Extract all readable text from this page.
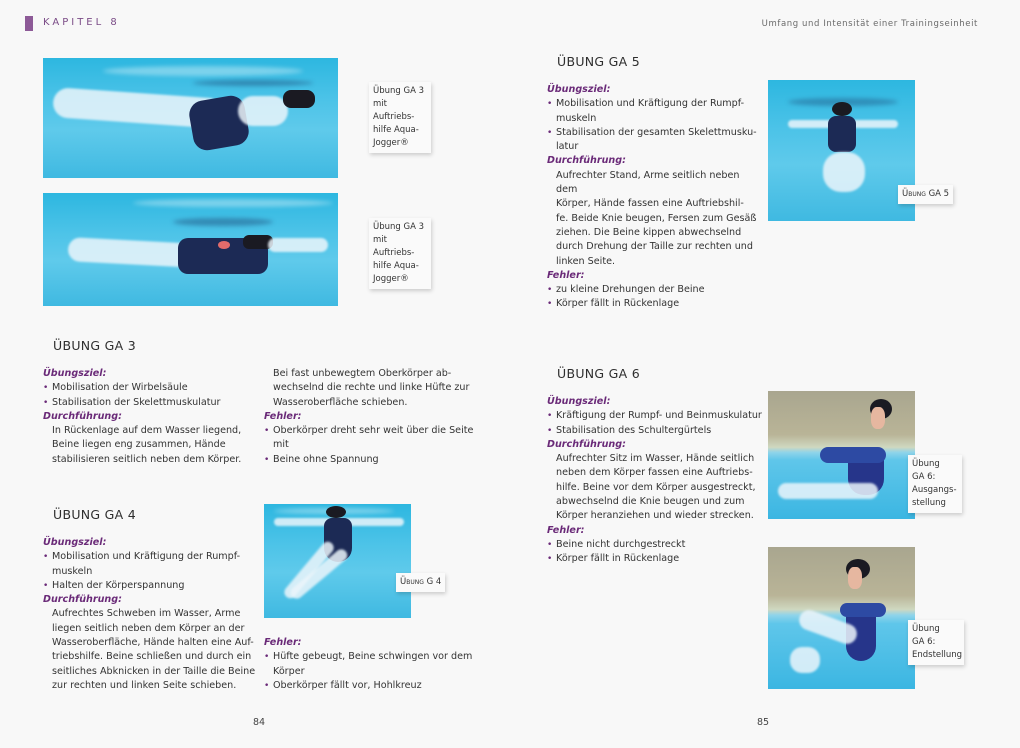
KAPITEL 8	Umfang und Intensität einer Trainingseinheit
Übung GA 3
mit Auftriebs-
hilfe Aqua-
Jogger®
Übung GA 3
mit Auftriebs-
hilfe Aqua-
Jogger®
ÜBUNG GA 3
Übungsziel:
• Mobilisation der Wirbelsäule
• Stabilisation der Skelettmuskulatur
Durchführung:
In Rückenlage auf dem Wasser liegend,
Beine liegen eng zusammen, Hände
stabilisieren seitlich neben dem Körper.
Bei fast unbewegtem Oberkörper ab-
wechselnd die rechte und linke Hüfte zur
Wasseroberfläche schieben.
Fehler:
• Oberkörper dreht sehr weit über die Seite
mit
• Beine ohne Spannung
ÜBUNG GA 4
Übungsziel:
• Mobilisation und Kräftigung der Rumpf-
muskeln
• Halten der Körperspannung
Durchführung:
Aufrechtes Schweben im Wasser, Arme
liegen seitlich neben dem Körper an der
Wasseroberfläche, Hände halten eine Auf-
triebshilfe. Beine schließen und durch ein
seitliches Abknicken in der Taille die Beine
zur rechten und linken Seite schieben.
Übung G 4
Fehler:
• Hüfte gebeugt, Beine schwingen vor dem
Körper
• Oberkörper fällt vor, Hohlkreuz
ÜBUNG GA 5
Übungsziel:
• Mobilisation und Kräftigung der Rumpf-
muskeln
• Stabilisation der gesamten Skelettmusku-
latur
Durchführung:
Aufrechter Stand, Arme seitlich neben dem
Körper, Hände fassen eine Auftriebshil-
fe. Beide Knie beugen, Fersen zum Gesäß
ziehen. Die Beine kippen abwechselnd
durch Drehung der Taille zur rechten und
linken Seite.
Fehler:
• zu kleine Drehungen der Beine
• Körper fällt in Rückenlage
Übung GA 5
ÜBUNG GA 6
Übungsziel:
• Kräftigung der Rumpf- und Beinmuskulatur
• Stabilisation des Schultergürtels
Durchführung:
Aufrechter Sitz im Wasser, Hände seitlich
neben dem Körper fassen eine Auftriebs-
hilfe. Beine vor dem Körper ausgestreckt,
abwechselnd die Knie beugen und zum
Körper heranziehen und wieder strecken.
Fehler:
• Beine nicht durchgestreckt
• Körper fällt in Rückenlage
Übung
GA 6:
Ausgangs-
stellung
Übung
GA 6:
Endstellung
84	85
